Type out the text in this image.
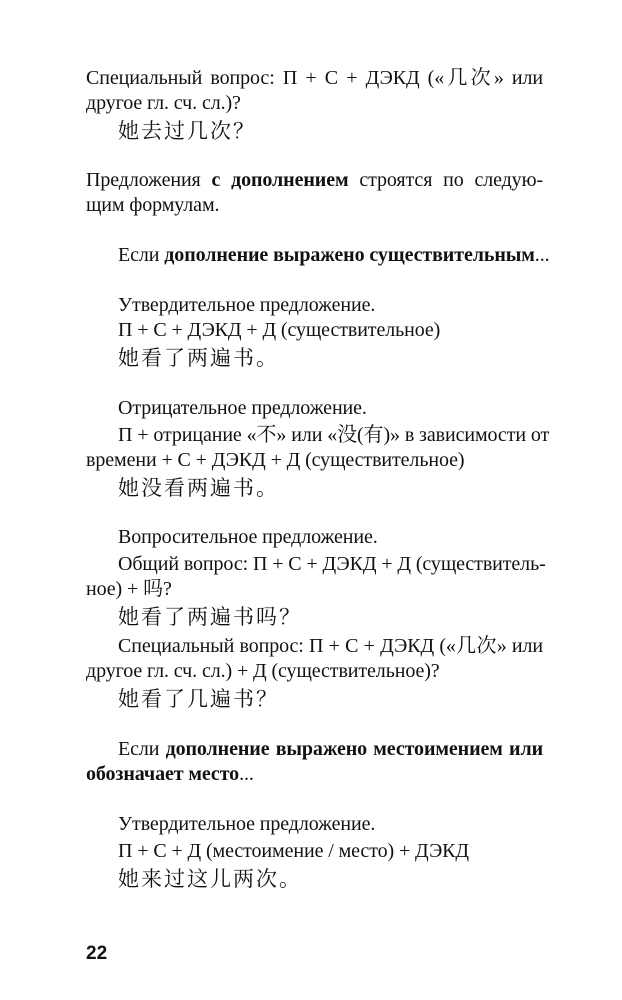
Специальный вопрос: П + С + ДЭКД («几次» или
другое гл. сч. сл.)?
她去过几次？
Предложения с дополнением строятся по следую-
щим формулам.
Если дополнение выражено существительным...
Утвердительное предложение.
П + С + ДЭКД + Д (существительное)
她看了两遍书。
Отрицательное предложение.
П + отрицание «不» или «没(有)» в зависимости от
времени + С + ДЭКД + Д (существительное)
她没看两遍书。
Вопросительное предложение.
Общий вопрос: П + С + ДЭКД + Д (существитель-
ное) + 吗?
她看了两遍书吗？
Специальный вопрос: П + С + ДЭКД («几次» или
другое гл. сч. сл.) + Д (существительное)?
她看了几遍书？
Если дополнение выражено местоимением или
обозначает место...
Утвердительное предложение.
П + С + Д (местоимение / место) + ДЭКД
她来过这儿两次。
22
